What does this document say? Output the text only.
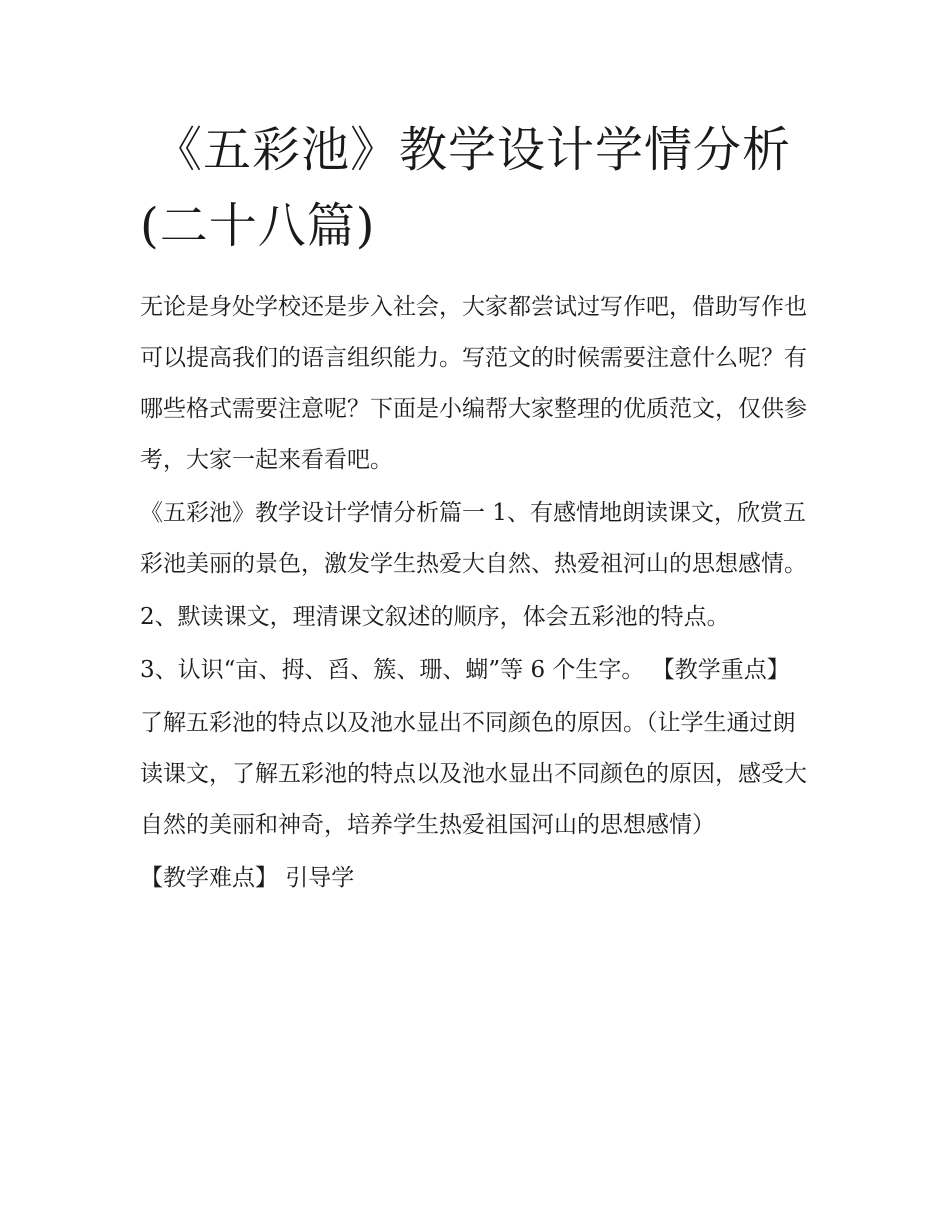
《五彩池》教学设计学情分析
(二十八篇)

无论是身处学校还是步入社会，大家都尝试过写作吧，借助写作也可以提高我们的语言组织能力。写范文的时候需要注意什么呢？有哪些格式需要注意呢？下面是小编帮大家整理的优质范文，仅供参考，大家一起来看看吧。

《五彩池》教学设计学情分析篇一 1、有感情地朗读课文，欣赏五彩池美丽的景色，激发学生热爱大自然、热爱祖河山的思想感情。

2、默读课文，理清课文叙述的顺序，体会五彩池的特点。

3、认识“亩、拇、舀、簇、珊、蝴”等 6 个生字。 【教学重点】

了解五彩池的特点以及池水显出不同颜色的原因。（让学生通过朗读课文，了解五彩池的特点以及池水显出不同颜色的原因，感受大自然的美丽和神奇，培养学生热爱祖国河山的思想感情）

【教学难点】 引导学
